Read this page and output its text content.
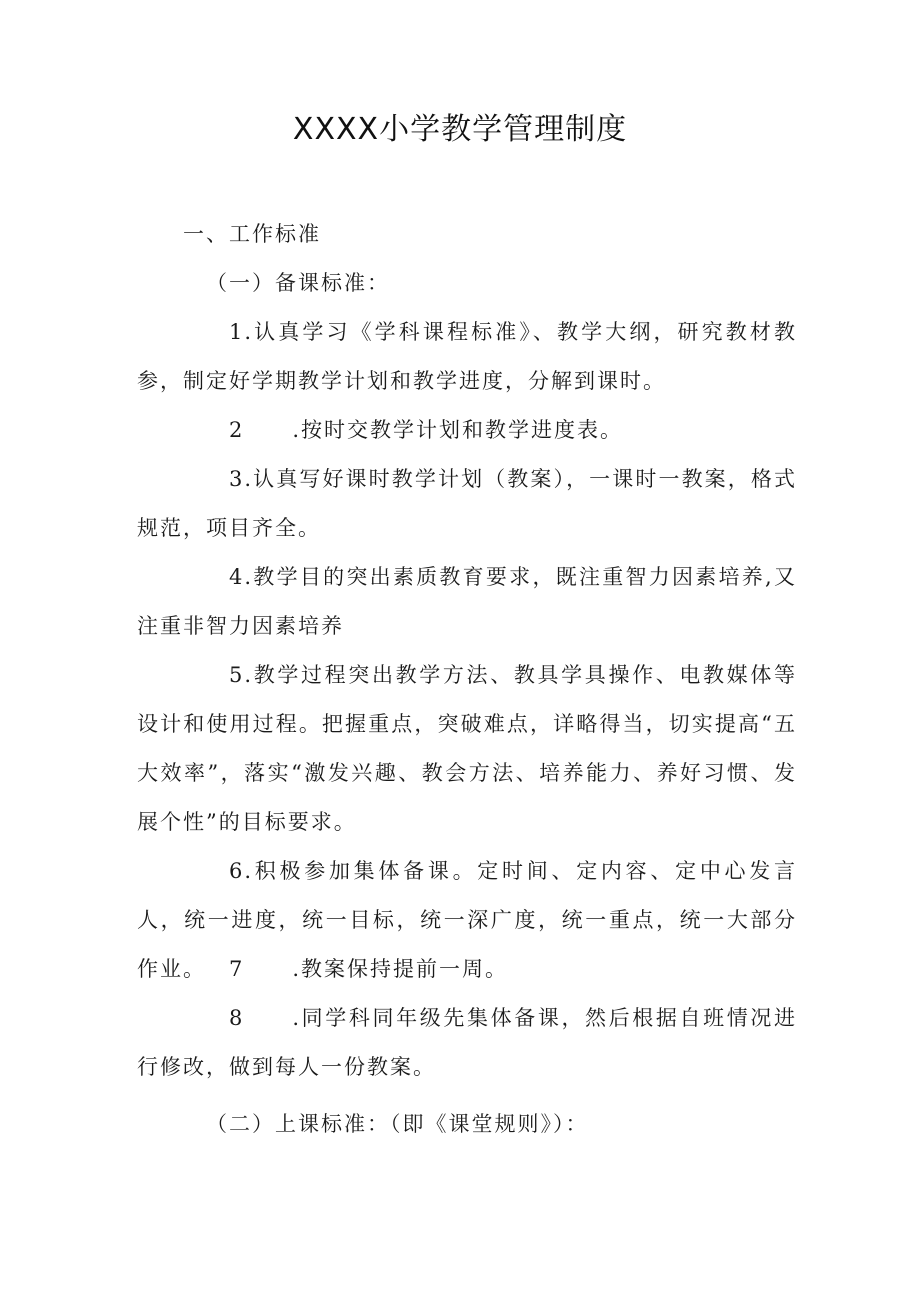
XXXX小学教学管理制度
一、工作标准
（一）备课标准：

1.认真学习《学科课程标准》、教学大纲，研究教材教参，制定好学期教学计划和教学进度，分解到课时。

2 .按时交教学计划和教学进度表。

3.认真写好课时教学计划（教案），一课时一教案，格式规范，项目齐全。

4.教学目的突出素质教育要求，既注重智力因素培养,又注重非智力因素培养

5.教学过程突出教学方法、教具学具操作、电教媒体等设计和使用过程。把握重点，突破难点，详略得当，切实提高“五大效率”，落实“激发兴趣、教会方法、培养能力、养好习惯、发展个性”的目标要求。

6.积极参加集体备课。定时间、定内容、定中心发言人，统一进度，统一目标，统一深广度，统一重点，统一大部分作业。	7 .教案保持提前一周。

8 .同学科同年级先集体备课，然后根据自班情况进行修改，做到每人一份教案。

（二）上课标准：（即《课堂规则》）：
